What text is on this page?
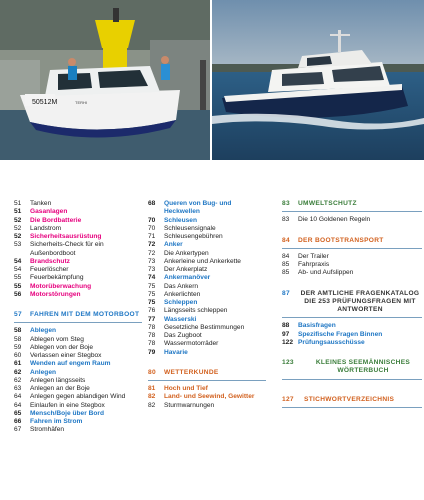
50512M	TERHI
51	Tanken
51	Gasanlagen
52	Die Bordbatterie
52	Landstrom
52	Sicherheitsausrüstung
53	Sicherheits-Check für ein Außenbordboot
54	Brandschutz
54	Feuerlöscher
55	Feuerbekämpfung
55	Motorüberwachung
56	Motorstörungen
57	FAHREN MIT DEM MOTORBOOT
58	Ablegen
58	Ablegen vom Steg
59	Ablegen von der Boje
60	Verlassen einer Stegbox
61	Wenden auf engem Raum
62	Anlegen
62	Anlegen längsseits
63	Anlegen an der Boje
64	Anlegen gegen ablandigen Wind
64	Einlaufen in eine Stegbox
65	Mensch/Boje über Bord
66	Fahren im Strom
67	Stromhäfen
68	Queren von Bug- und Heckwellen
70	Schleusen
70	Schleusensignale
71	Schleusengebühren
72	Anker
72	Die Ankertypen
73	Ankerleine und Ankerkette
73	Der Ankerplatz
74	Ankermanöver
75	Das Ankern
75	Ankerlichten
75	Schleppen
76	Längsseits schleppen
77	Wasserski
78	Gesetzliche Bestimmungen
78	Das Zugboot
78	Wassermotorräder
79	Havarie
80	WETTERKUNDE
81	Hoch und Tief
82	Land- und Seewind, Gewitter
82	Sturmwarnungen
83	UMWELTSCHUTZ
83	Die 10 Goldenen Regeln
84	DER BOOTSTRANSPORT
84	Der Trailer
85	Fahrpraxis
85	Ab- und Aufslippen
87	DER AMTLICHE FRAGENKATALOG DIE 253 PRÜFUNGSFRAGEN MIT ANTWORTEN
88	Basisfragen
97	Spezifische Fragen Binnen
122 Prüfungsausschüsse
123	KLEINES SEEMÄNNISCHES WÖRTERBUCH
127	STICHWORTVERZEICHNIS
